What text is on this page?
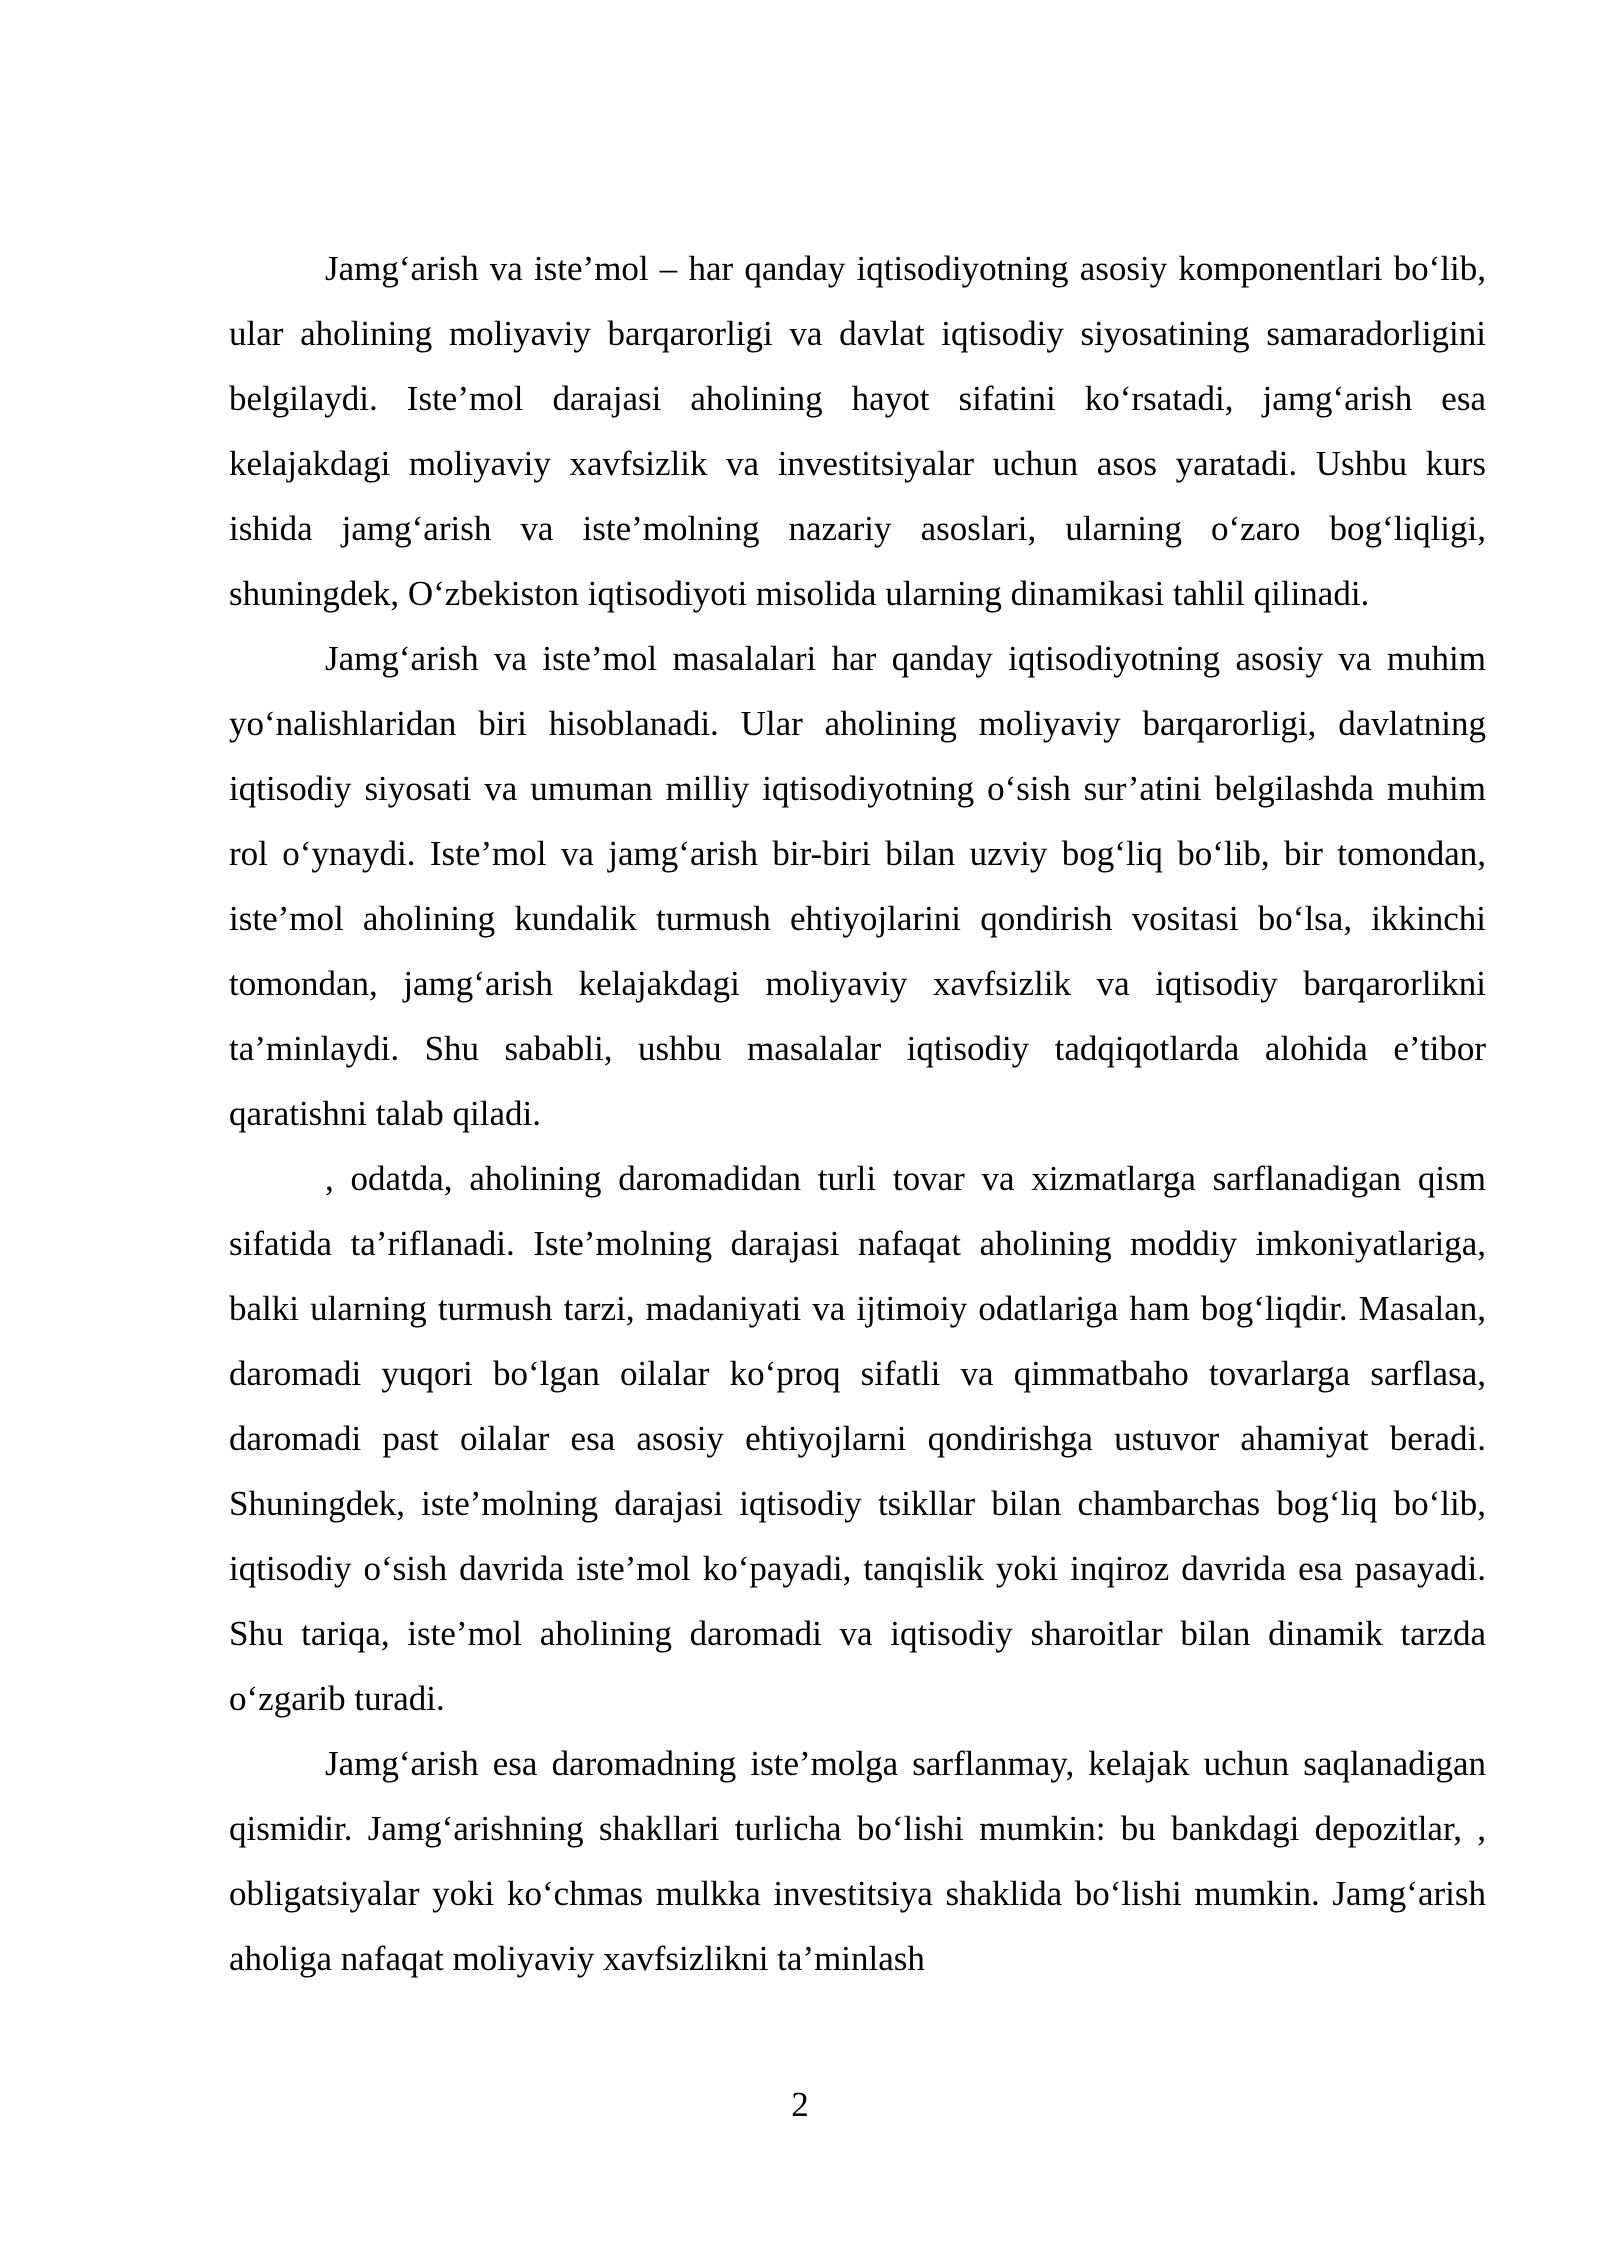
Jamg‘arish va iste’mol – har qanday iqtisodiyotning asosiy komponentlari bo‘lib, ular aholining moliyaviy barqarorligi va davlat iqtisodiy siyosatining samaradorligini belgilaydi. Iste’mol darajasi aholining hayot sifatini ko‘rsatadi, jamg‘arish esa kelajakdagi moliyaviy xavfsizlik va investitsiyalar uchun asos yaratadi. Ushbu kurs ishida jamg‘arish va iste’molning nazariy asoslari, ularning o‘zaro bog‘liqligi, shuningdek, O‘zbekiston iqtisodiyoti misolida ularning dinamikasi tahlil qilinadi.

Jamg‘arish va iste’mol masalalari har qanday iqtisodiyotning asosiy va muhim yo‘nalishlaridan biri hisoblanadi. Ular aholining moliyaviy barqarorligi, davlatning iqtisodiy siyosati va umuman milliy iqtisodiyotning o‘sish sur’atini belgilashda muhim rol o‘ynaydi. Iste’mol va jamg‘arish bir-biri bilan uzviy bog‘liq bo‘lib, bir tomondan, iste’mol aholining kundalik turmush ehtiyojlarini qondirish vositasi bo‘lsa, ikkinchi tomondan, jamg‘arish kelajakdagi moliyaviy xavfsizlik va iqtisodiy barqarorlikni ta’minlaydi. Shu sababli, ushbu masalalar iqtisodiy tadqiqotlarda alohida e’tibor qaratishni talab qiladi.

, odatda, aholining daromadidan turli tovar va xizmatlarga sarflanadigan qism sifatida ta’riflanadi. Iste’molning darajasi nafaqat aholining moddiy imkoniyatlariga, balki ularning turmush tarzi, madaniyati va ijtimoiy odatlariga ham bog‘liqdir. Masalan, daromadi yuqori bo‘lgan oilalar ko‘proq sifatli va qimmatbaho tovarlarga sarflasa, daromadi past oilalar esa asosiy ehtiyojlarni qondirishga ustuvor ahamiyat beradi. Shuningdek, iste’molning darajasi iqtisodiy tsikllar bilan chambarchas bog‘liq bo‘lib, iqtisodiy o‘sish davrida iste’mol ko‘payadi, tanqislik yoki inqiroz davrida esa pasayadi. Shu tariqa, iste’mol aholining daromadi va iqtisodiy sharoitlar bilan dinamik tarzda o‘zgarib turadi.

Jamg‘arish esa daromadning iste’molga sarflanmay, kelajak uchun saqlanadigan qismidir. Jamg‘arishning shakllari turlicha bo‘lishi mumkin: bu bankdagi depozitlar, , obligatsiyalar yoki ko‘chmas mulkka investitsiya shaklida bo‘lishi mumkin. Jamg‘arish aholiga nafaqat moliyaviy xavfsizlikni ta’minlash

2
